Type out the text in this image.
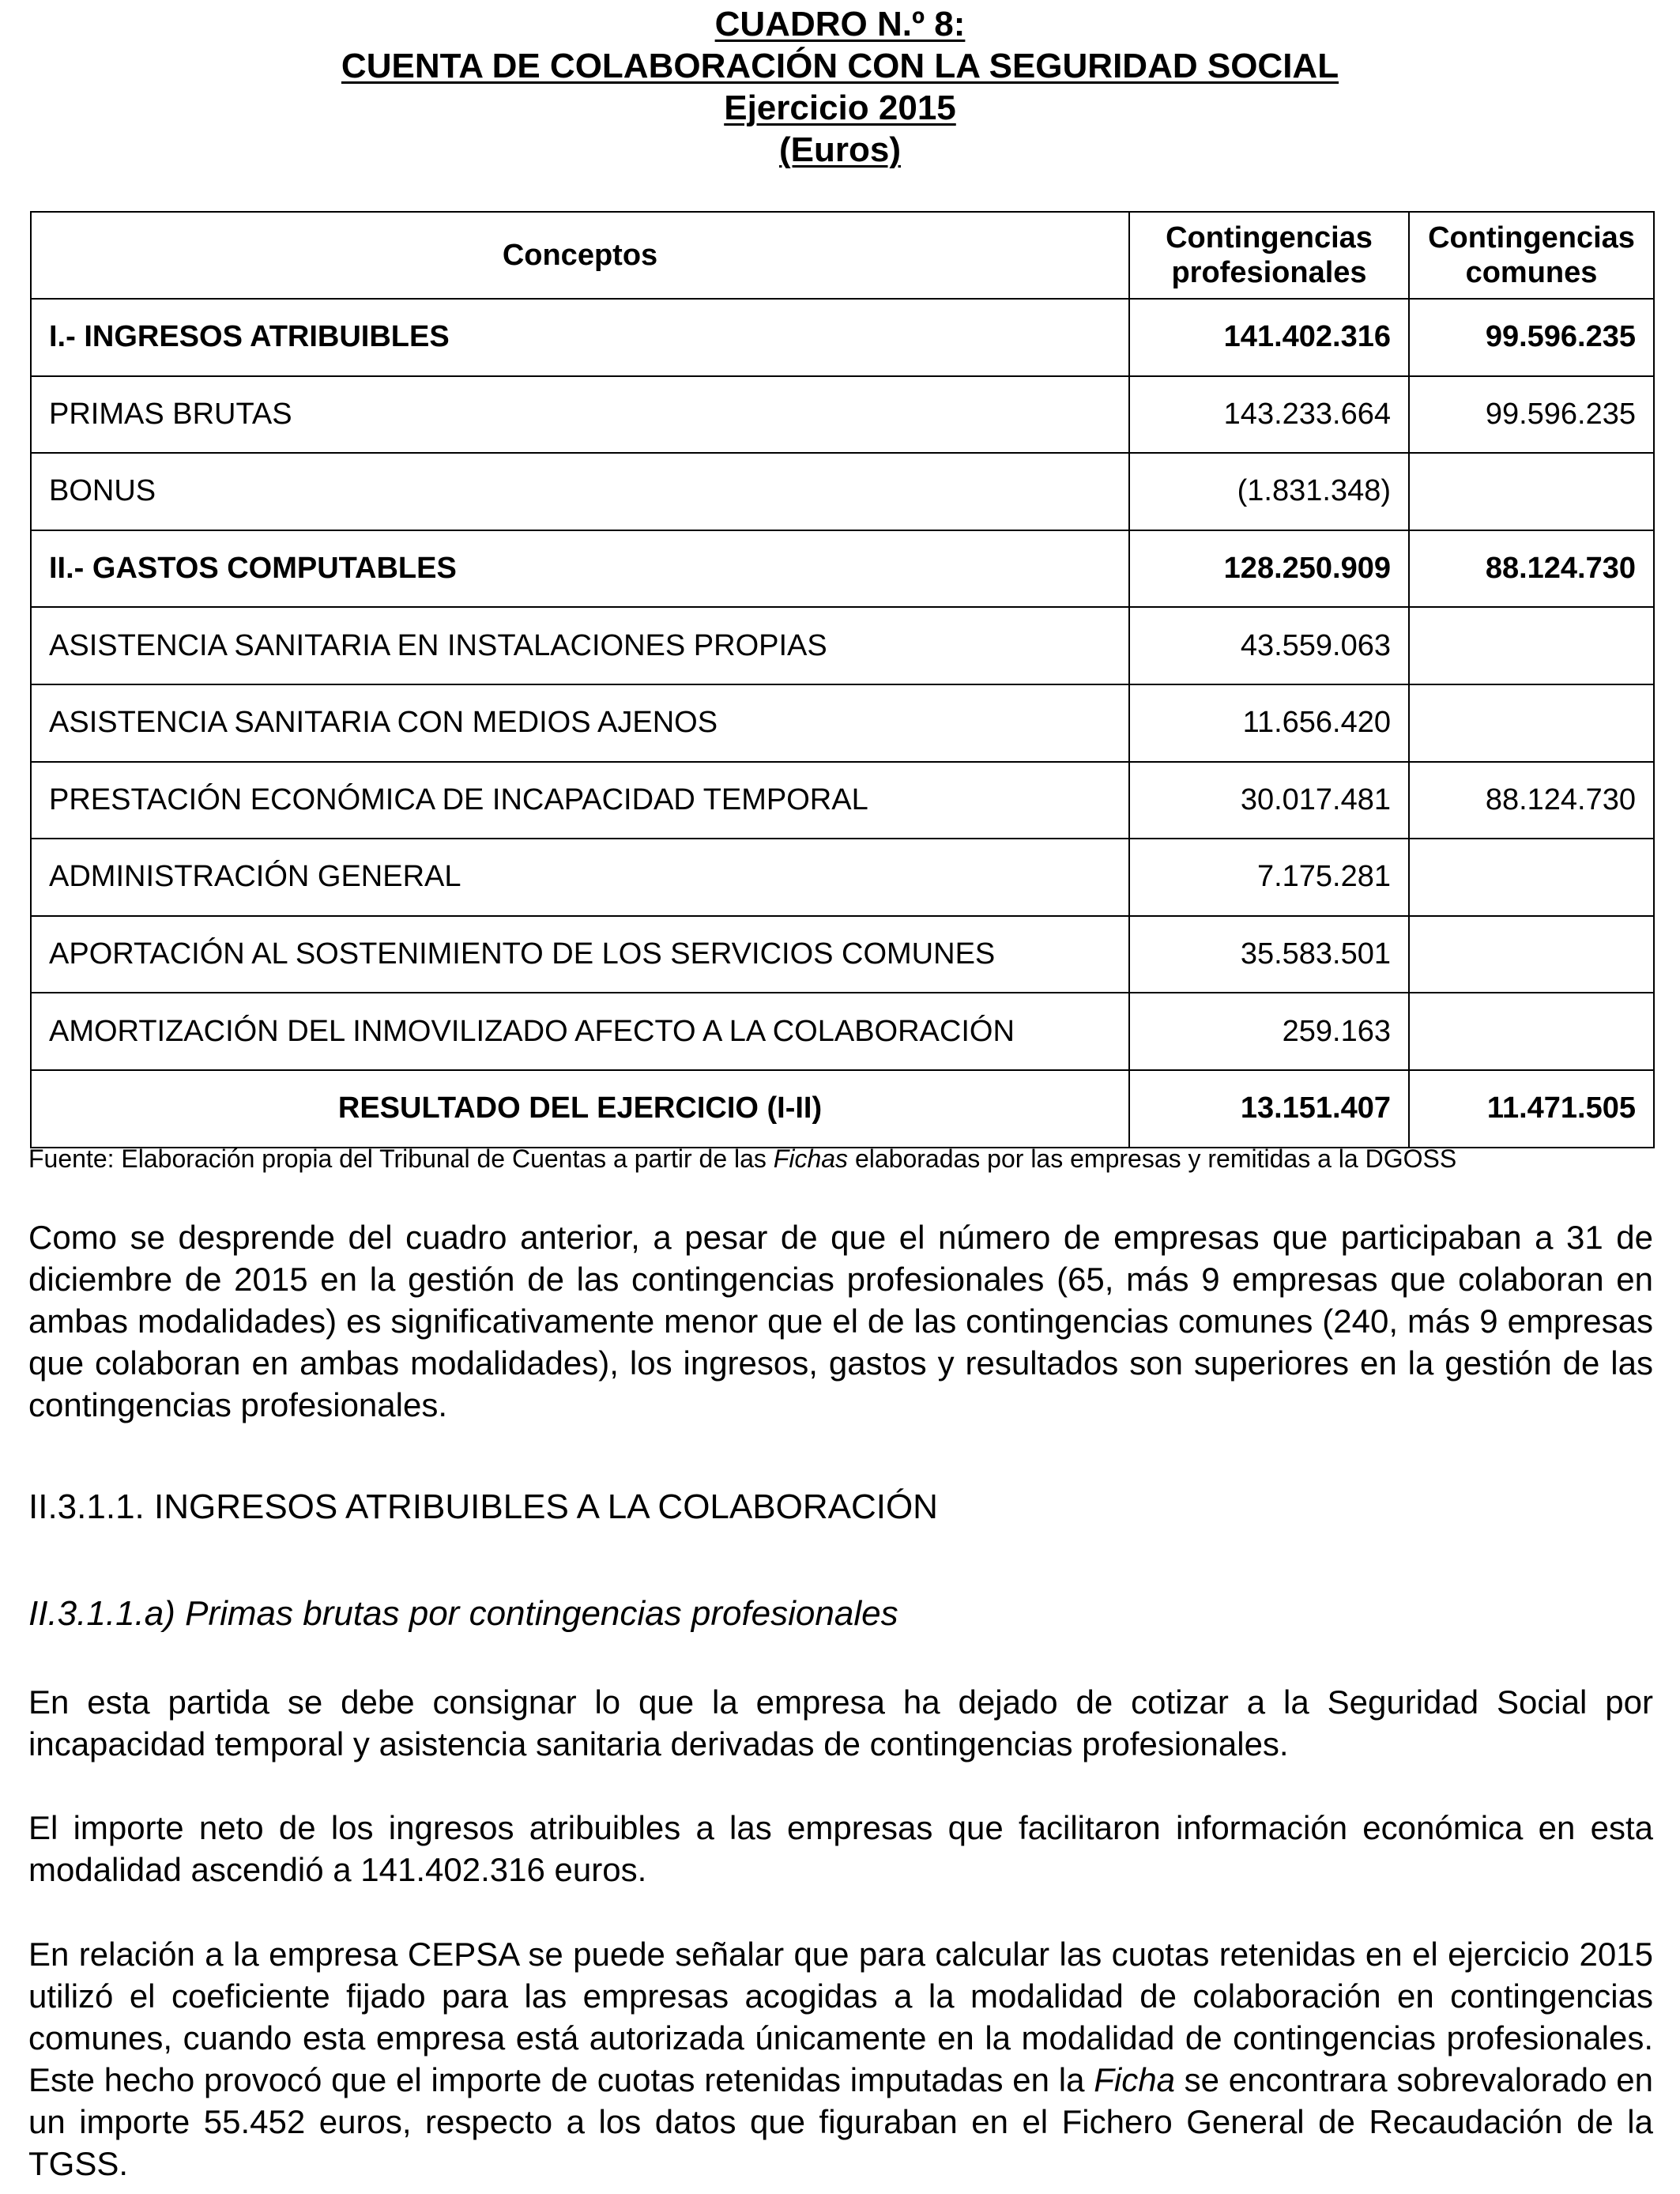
CUADRO N.º 8:
CUENTA DE COLABORACIÓN CON LA SEGURIDAD SOCIAL
Ejercicio 2015
(Euros)
Conceptos	Contingencias profesionales	Contingencias comunes
I.- INGRESOS ATRIBUIBLES	141.402.316	99.596.235
PRIMAS BRUTAS	143.233.664	99.596.235
BONUS	(1.831.348)	
II.- GASTOS COMPUTABLES	128.250.909	88.124.730
ASISTENCIA SANITARIA EN INSTALACIONES PROPIAS	43.559.063	
ASISTENCIA SANITARIA CON MEDIOS AJENOS	11.656.420	
PRESTACIÓN ECONÓMICA DE INCAPACIDAD TEMPORAL	30.017.481	88.124.730
ADMINISTRACIÓN GENERAL	7.175.281	
APORTACIÓN AL SOSTENIMIENTO DE LOS SERVICIOS COMUNES	35.583.501	
AMORTIZACIÓN DEL INMOVILIZADO AFECTO A LA COLABORACIÓN	259.163	
RESULTADO DEL EJERCICIO (I-II)	13.151.407	11.471.505
Fuente: Elaboración propia del Tribunal de Cuentas a partir de las Fichas elaboradas por las empresas y remitidas a la DGOSS
Como se desprende del cuadro anterior, a pesar de que el número de empresas que participaban a 31 de diciembre de 2015 en la gestión de las contingencias profesionales (65, más 9 empresas que colaboran en ambas modalidades) es significativamente menor que el de las contingencias comunes (240, más 9 empresas que colaboran en ambas modalidades), los ingresos, gastos y resultados son superiores en la gestión de las contingencias profesionales.
II.3.1.1. INGRESOS ATRIBUIBLES A LA COLABORACIÓN
II.3.1.1.a) Primas brutas por contingencias profesionales
En esta partida se debe consignar lo que la empresa ha dejado de cotizar a la Seguridad Social por incapacidad temporal y asistencia sanitaria derivadas de contingencias profesionales.
El importe neto de los ingresos atribuibles a las empresas que facilitaron información económica en esta modalidad ascendió a 141.402.316 euros.
En relación a la empresa CEPSA se puede señalar que para calcular las cuotas retenidas en el ejercicio 2015 utilizó el coeficiente fijado para las empresas acogidas a la modalidad de colaboración en contingencias comunes, cuando esta empresa está autorizada únicamente en la modalidad de contingencias profesionales. Este hecho provocó que el importe de cuotas retenidas imputadas en la Ficha se encontrara sobrevalorado en un importe 55.452 euros, respecto a los datos que figuraban en el Fichero General de Recaudación de la TGSS.
